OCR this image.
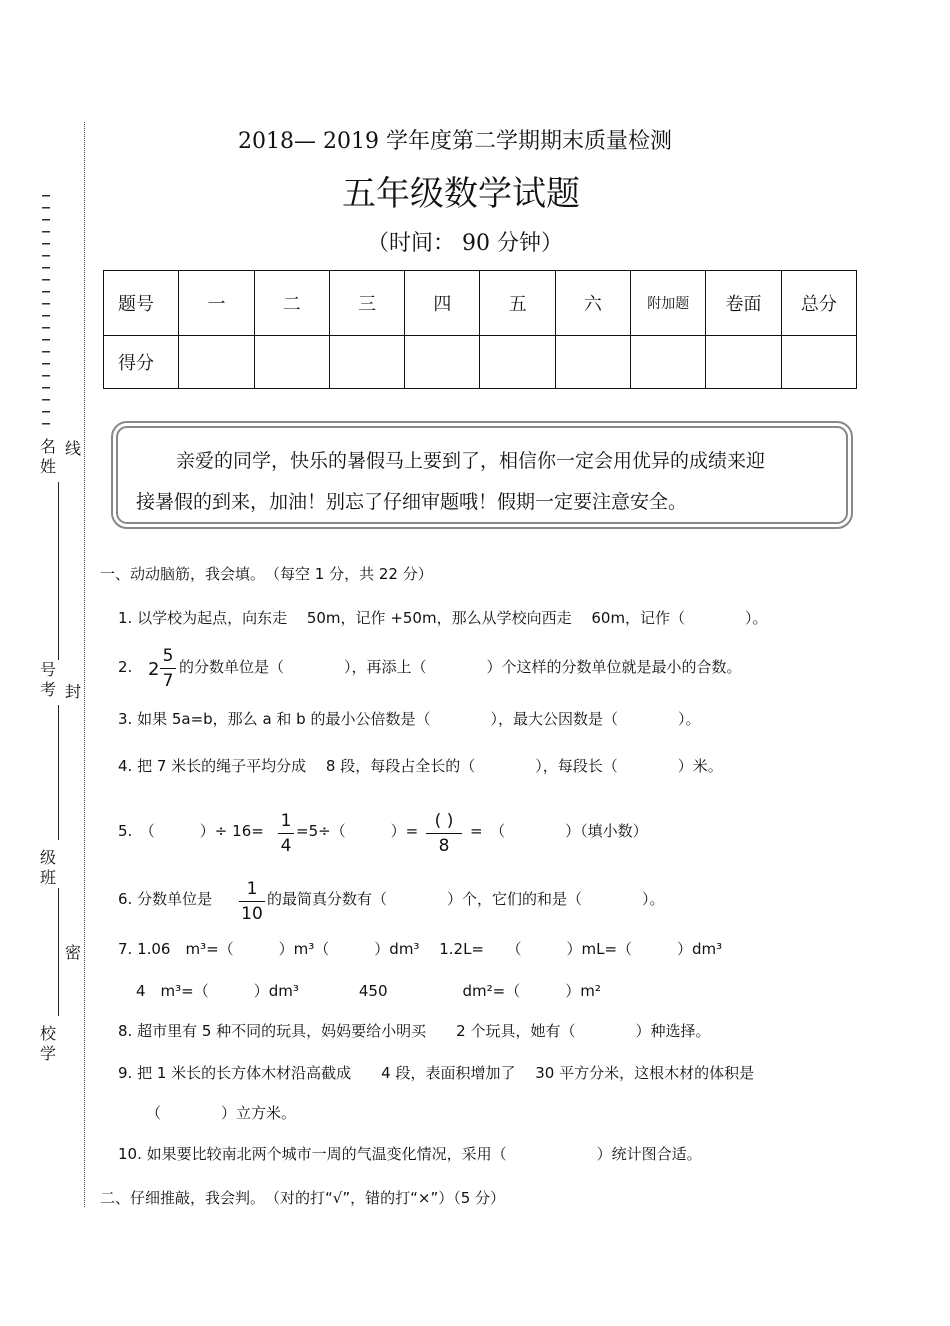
线
名
姓
号
考 封
级
班
密
校
学
2018— 2019 学年度第二学期期末质量检测
五年级数学试题
（时间： 90 分钟）
题号	一	二	三	四	五	六	附加题	卷面	总分
得分									
亲爱的同学，快乐的暑假马上要到了，相信你一定会用优异的成绩来迎
接暑假的到来，加油！别忘了仔细审题哦！假期一定要注意安全。
一、动动脑筋，我会填。　（每空 1 分，共 22 分）
1. 以学校为起点，向东走　 50m，记作 +50m，那么从学校向西走　 60m，记作（　　　　）。
2. 2
5
7
的分数单位是（　　　　），再添上（　　　　）个这样的分数单位就是最小的合数。
3. 如果 5a=b，那么 a 和 b 的最小公倍数是（　　　　），最大公因数是（　　　　）。
4. 把 7 米长的绳子平均分成　 8 段，每段占全长的（　　　　），每段长（　　　　）米。
5.　（　　　）÷ 16= 1
4
=5÷（　　　）= ( )
8
=　（　　　　）（填小数）
6. 分数单位是	1
10
的最简真分数有（　　　　）个，它们的和是（　　　　）。
7. 1.06　m³=（　　　）m³（　　　）dm³　 1.2L=　　（　　　）mL=（　　　）dm³
4　m³=（　　　）dm³　　　　450　　　　　dm²=（　　　）m²
8. 超市里有 5 种不同的玩具，妈妈要给小明买　　2 个玩具，她有（　　　　）种选择。
9. 把 1 米长的长方体木材沿高截成　　4 段，表面积增加了　 30 平方分米，这根木材的体积是
（　　　　）立方米。
10. 如果要比较南北两个城市一周的气温变化情况，采用（　　　　　　）统计图合适。
二、仔细推敲，我会判。　（对的打“√”，错的打“×”）（5 分）
